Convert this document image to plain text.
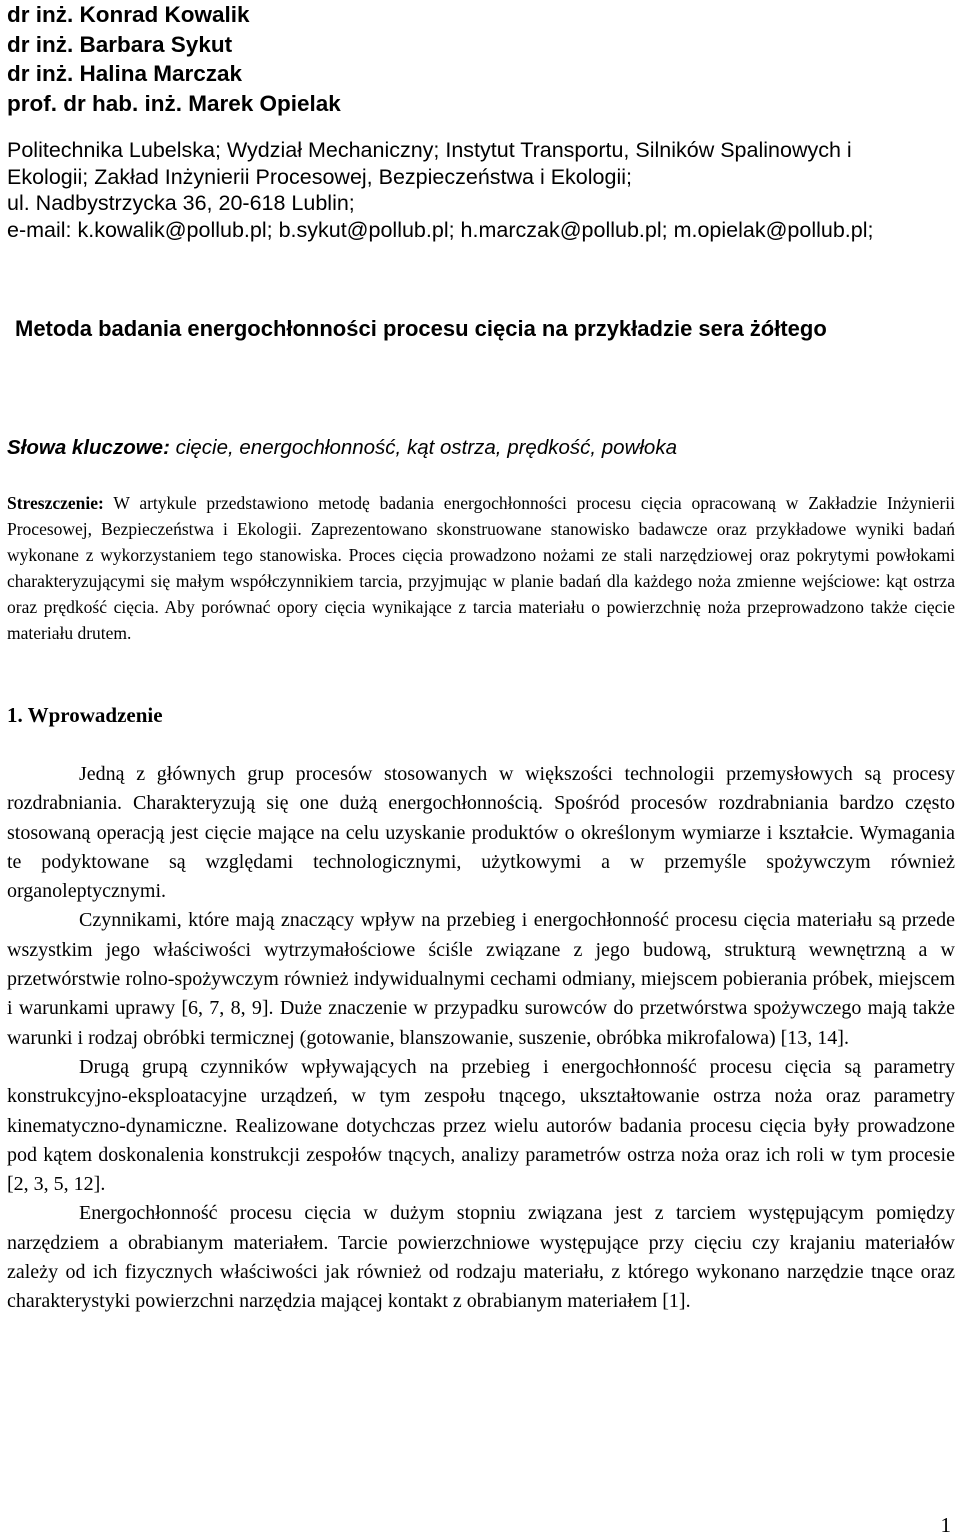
dr inż. Konrad Kowalik
dr inż. Barbara Sykut
dr inż. Halina Marczak
prof. dr hab. inż. Marek Opielak
Politechnika Lubelska; Wydział Mechaniczny; Instytut Transportu, Silników Spalinowych i
Ekologii; Zakład Inżynierii Procesowej, Bezpieczeństwa i Ekologii;
ul. Nadbystrzycka 36, 20-618 Lublin;
e-mail: k.kowalik@pollub.pl; b.sykut@pollub.pl; h.marczak@pollub.pl; m.opielak@pollub.pl;
Metoda badania energochłonności procesu cięcia na przykładzie sera żółtego
Słowa kluczowe: cięcie, energochłonność, kąt ostrza, prędkość, powłoka
Streszczenie: W artykule przedstawiono metodę badania energochłonności procesu cięcia opracowaną w Zakładzie Inżynierii Procesowej, Bezpieczeństwa i Ekologii. Zaprezentowano skonstruowane stanowisko badawcze oraz przykładowe wyniki badań wykonane z wykorzystaniem tego stanowiska. Proces cięcia prowadzono nożami ze stali narzędziowej oraz pokrytymi powłokami charakteryzującymi się małym współczynnikiem tarcia, przyjmując w planie badań dla każdego noża zmienne wejściowe: kąt ostrza oraz prędkość cięcia. Aby porównać opory cięcia wynikające z tarcia materiału o powierzchnię noża przeprowadzono także cięcie materiału drutem.
1. Wprowadzenie

Jedną z głównych grup procesów stosowanych w większości technologii przemysłowych są procesy rozdrabniania. Charakteryzują się one dużą energochłonnością. Spośród procesów rozdrabniania bardzo często stosowaną operacją jest cięcie mające na celu uzyskanie produktów o określonym wymiarze i kształcie. Wymagania te podyktowane są względami technologicznymi, użytkowymi a w przemyśle spożywczym również organoleptycznymi.

Czynnikami, które mają znaczący wpływ na przebieg i energochłonność procesu cięcia materiału są przede wszystkim jego właściwości wytrzymałościowe ściśle związane z jego budową, strukturą wewnętrzną a w przetwórstwie rolno-spożywczym również indywidualnymi cechami odmiany, miejscem pobierania próbek, miejscem i warunkami uprawy [6, 7, 8, 9]. Duże znaczenie w przypadku surowców do przetwórstwa spożywczego mają także warunki i rodzaj obróbki termicznej (gotowanie, blanszowanie, suszenie, obróbka mikrofalowa) [13, 14].

Drugą grupą czynników wpływających na przebieg i energochłonność procesu cięcia są parametry konstrukcyjno-eksploatacyjne urządzeń, w tym zespołu tnącego, ukształtowanie ostrza noża oraz parametry kinematyczno-dynamiczne. Realizowane dotychczas przez wielu autorów badania procesu cięcia były prowadzone pod kątem doskonalenia konstrukcji zespołów tnących, analizy parametrów ostrza noża oraz ich roli w tym procesie [2, 3, 5, 12].

Energochłonność procesu cięcia w dużym stopniu związana jest z tarciem występującym pomiędzy narzędziem a obrabianym materiałem. Tarcie powierzchniowe występujące przy cięciu czy krajaniu materiałów zależy od ich fizycznych właściwości jak również od rodzaju materiału, z którego wykonano narzędzie tnące oraz charakterystyki powierzchni narzędzia mającej kontakt z obrabianym materiałem [1].

1
